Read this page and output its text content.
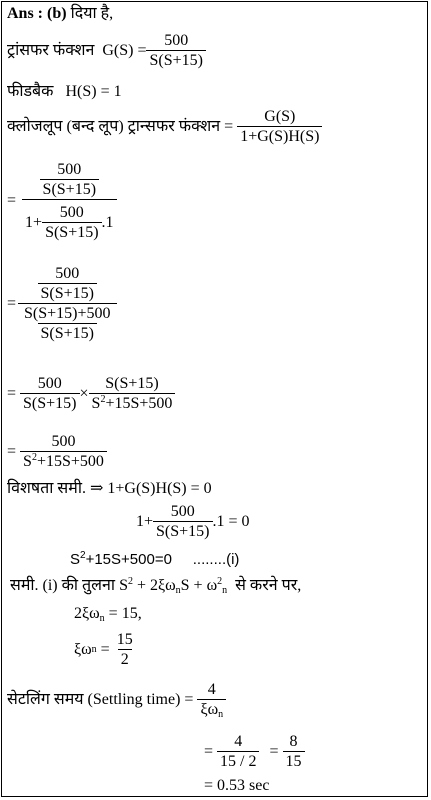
Ans : (b) दिया है,
ट्रांसफर फंक्शन
$G(S) = \frac{500}{S(S+15)}$
फीडबैक H(S) = 1
क्लोजलूप (बन्द लूप) ट्रान्सफर फंक्शन =
$\frac{G(S)}{1+G(S)H(S)}$
=
$\frac{500}{S(S+15)}$
$1+ \frac{500}{S(S+15)} .1$
= $\frac{\frac{500}{S(S+15)}}{\frac{S(S+15)+500}{S(S+15)}}$
= $\frac{500}{S(S+15)} \times \frac{S(S+15)}{S^2+15S+500}$
= $\frac{500}{S^2+15S+500}$
विशषता समी. ⇒ 1+G(S)H(S) = 0
$1+ \frac{500}{S(S+15)} .1 = 0$
$S^2+15S+500=0$ ........(i)
समी. (i) की तुलना $S^2 + 2\xi\omega_nS + \omega^2_n$ से करने पर,
$2\xi\omega_n = 15$,
ξω $n = \frac{15}{2}$
सेटलिंग समय (Settling time) =
$\frac{4}{\xi\omega_n}$
= $\frac{4}{15 / 2} = \frac{8}{15}$
= 0.53 sec
